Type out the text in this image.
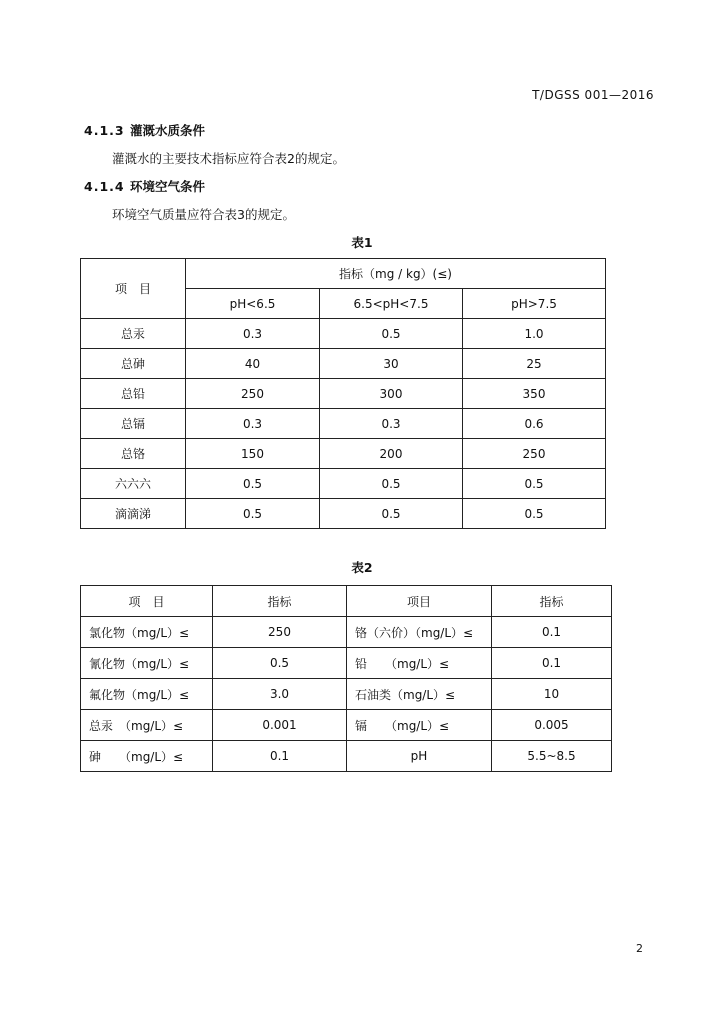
T/DGSS 001—2016
4.1.3 灌溉水质条件
灌溉水的主要技术指标应符合表2的规定。
4.1.4 环境空气条件
环境空气质量应符合表3的规定。
表1
项　目	指标（mg / kg）(≤)		
	pH<6.5	6.5<pH<7.5	pH>7.5
总汞	0.3	0.5	1.0
总砷	40	30	25
总铅	250	300	350
总镉	0.3	0.3	0.6
总铬	150	200	250
六六六	0.5	0.5	0.5
滴滴涕	0.5	0.5	0.5
表2
项　目	指标	项目	指标
氯化物（mg/L）≤	250	铬（六价）（mg/L）≤	0.1
氰化物（mg/L）≤	0.5	铅　　（mg/L）≤	0.1
氟化物（mg/L）≤	3.0	石油类（mg/L）≤	10
总汞　（mg/L）≤	0.001	镉　　（mg/L）≤	0.005
砷　　（mg/L）≤	0.1	pH	5.5~8.5
2
